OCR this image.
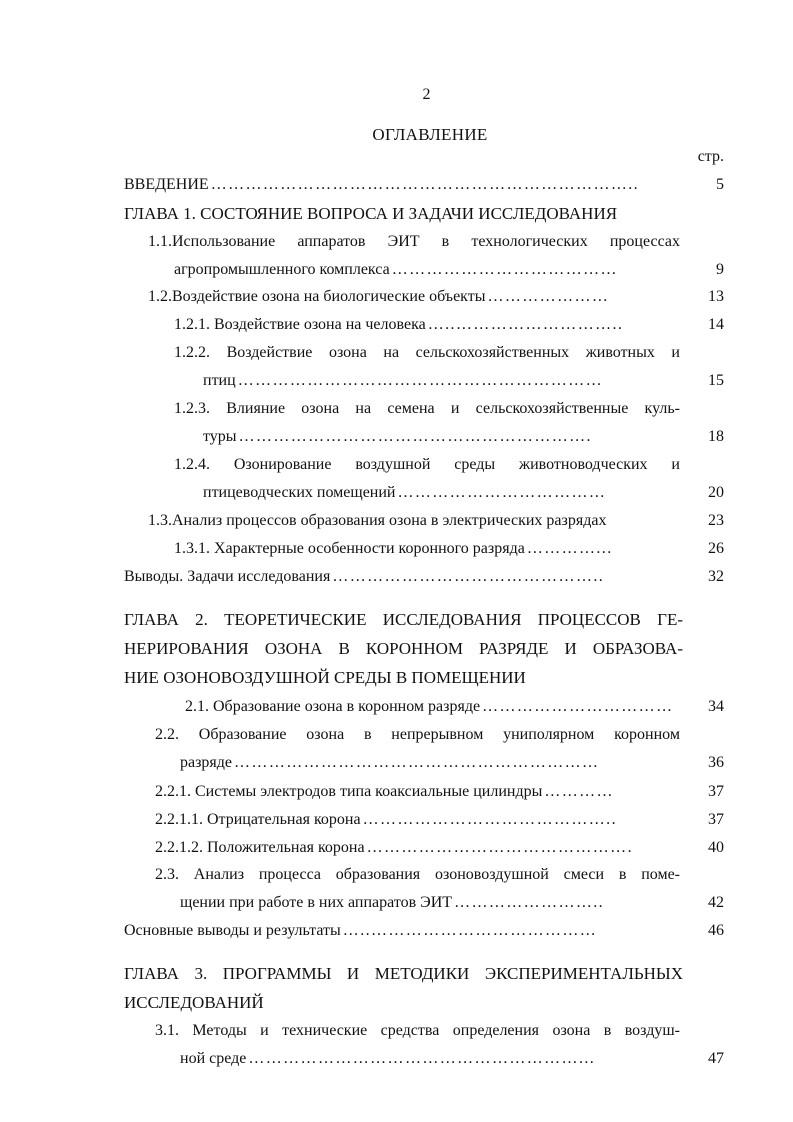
2
ОГЛАВЛЕНИЕ
стр.
ВВЕДЕНИЕ ………………………………………………………………..	5
ГЛАВА 1. СОСТОЯНИЕ ВОПРОСА И ЗАДАЧИ ИССЛЕДОВАНИЯ
1.1.Использование аппаратов ЭИТ в технологических процессах
агропромышленного комплекса …………………………………	9
1.2.Воздействие озона на биологические объекты …………………	13
1.2.1. Воздействие озона на человека …..………………………..	14
1.2.2. Воздействие озона на сельскохозяйственных животных и
птиц ………………………………………………………	15
1.2.3. Влияние озона на семена и сельскохозяйственные куль-
туры …………………………………………………….	18
1.2.4. Озонирование воздушной среды животноводческих и
птицеводческих помещений ………………………………	20
1.3.Анализ процессов образования озона в электрических разрядах	23
1.3.1. Характерные особенности коронного разряда …………...	26
Выводы. Задачи исследования ………………………………………..	32
ГЛАВА 2. ТЕОРЕТИЧЕСКИЕ ИССЛЕДОВАНИЯ ПРОЦЕССОВ ГЕ-
НЕРИРОВАНИЯ ОЗОНА В КОРОННОМ РАЗРЯДЕ И ОБРАЗОВА-
НИЕ ОЗОНОВОЗДУШНОЙ СРЕДЫ В ПОМЕЩЕНИИ
2.1. Образование озона в коронном разряде ……………………………	34
2.2. Образование озона в непрерывном униполярном коронном
разряде ………………………………………………………	36
2.2.1. Системы электродов типа коаксиальные цилиндры …………	37
2.2.1.1. Отрицательная корона ……………………………………..	37
2.2.1.2. Положительная корона ……………………………………….	40
2.3. Анализ процесса образования озоновоздушной смеси в поме-
щении при работе в них аппаратов ЭИТ ……………………..	42
Основные выводы и результаты …..…………………………………	46
ГЛАВА 3. ПРОГРАММЫ И МЕТОДИКИ ЭКСПЕРИМЕНТАЛЬНЫХ
ИССЛЕДОВАНИЙ
3.1. Методы и технические средства определения озона в воздуш-
ной среде …………………………………………………...	47
